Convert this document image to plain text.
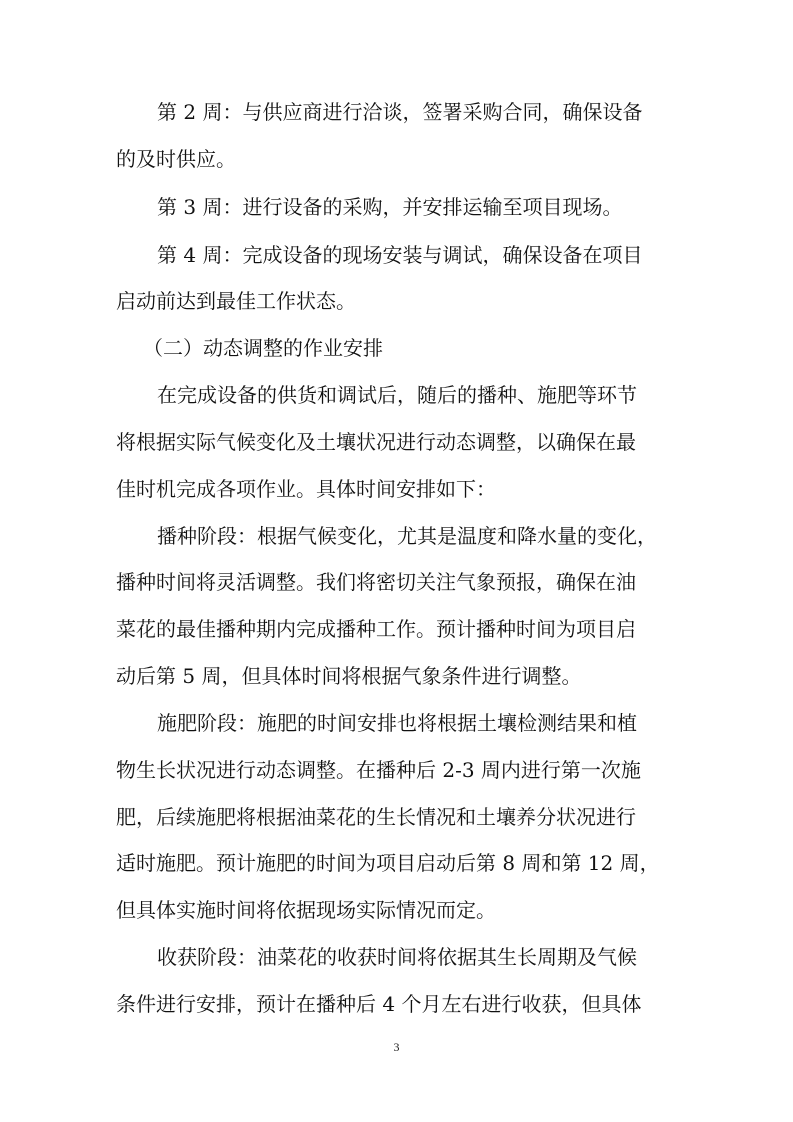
第 2 周：与供应商进行洽谈，签署采购合同，确保设备
的及时供应。
第 3 周：进行设备的采购，并安排运输至项目现场。
第 4 周：完成设备的现场安装与调试，确保设备在项目
启动前达到最佳工作状态。
（二）动态调整的作业安排
在完成设备的供货和调试后，随后的播种、施肥等环节
将根据实际气候变化及土壤状况进行动态调整，以确保在最
佳时机完成各项作业。具体时间安排如下：
播种阶段：根据气候变化，尤其是温度和降水量的变化，
播种时间将灵活调整。我们将密切关注气象预报，确保在油
菜花的最佳播种期内完成播种工作。预计播种时间为项目启
动后第 5 周，但具体时间将根据气象条件进行调整。
施肥阶段：施肥的时间安排也将根据土壤检测结果和植
物生长状况进行动态调整。在播种后 2-3 周内进行第一次施
肥，后续施肥将根据油菜花的生长情况和土壤养分状况进行
适时施肥。预计施肥的时间为项目启动后第 8 周和第 12 周，
但具体实施时间将依据现场实际情况而定。
收获阶段：油菜花的收获时间将依据其生长周期及气候
条件进行安排，预计在播种后 4 个月左右进行收获，但具体
3
